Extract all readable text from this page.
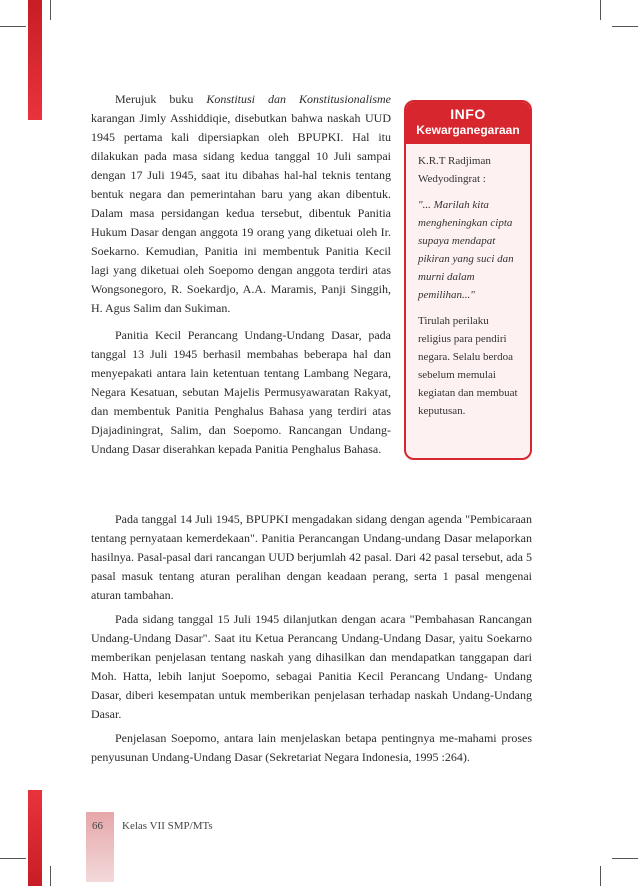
Merujuk buku Konstitusi dan Konstitusionalisme karangan Jimly Asshiddiqie, disebutkan bahwa naskah UUD 1945 pertama kali dipersiapkan oleh BPUPKI. Hal itu dilakukan pada masa sidang kedua tanggal 10 Juli sampai dengan 17 Juli 1945, saat itu dibahas hal-hal teknis tentang bentuk negara dan pemerintahan baru yang akan dibentuk. Dalam masa persidangan kedua tersebut, dibentuk Panitia Hukum Dasar dengan anggota 19 orang yang diketuai oleh Ir. Soekarno. Kemudian, Panitia ini membentuk Panitia Kecil lagi yang diketuai oleh Soepomo dengan anggota terdiri atas Wongsonegoro, R. Soekardjo, A.A. Maramis, Panji Singgih, H. Agus Salim dan Sukiman.

Panitia Kecil Perancang Undang-Undang Dasar, pada tanggal 13 Juli 1945 berhasil membahas beberapa hal dan menyepakati antara lain ketentuan tentang Lambang Negara, Negara Kesatuan, sebutan Majelis Permusyawaratan Rakyat, dan membentuk Panitia Penghalus Bahasa yang terdiri atas Djajadiningrat, Salim, dan Soepomo. Rancangan Undang-Undang Dasar diserahkan kepada Panitia Penghalus Bahasa.

INFO
Kewarganegaraan

K.R.T Radjiman Wedyodingrat :

"... Marilah kita mengheningkan cipta supaya mendapat pikiran yang suci dan murni dalam pemilihan..."

Tirulah perilaku religius para pendiri negara. Selalu berdoa sebelum memulai kegiatan dan membuat keputusan.

Pada tanggal 14 Juli 1945, BPUPKI mengadakan sidang dengan agenda "Pembicaraan tentang pernyataan kemerdekaan". Panitia Perancangan Undang-undang Dasar melaporkan hasilnya. Pasal-pasal dari rancangan UUD berjumlah 42 pasal. Dari 42 pasal tersebut, ada 5 pasal masuk tentang aturan peralihan dengan keadaan perang, serta 1 pasal mengenai aturan tambahan.

Pada sidang tanggal 15 Juli 1945 dilanjutkan dengan acara "Pembahasan Rancangan Undang-Undang Dasar". Saat itu Ketua Perancang Undang-Undang Dasar, yaitu Soekarno memberikan penjelasan tentang naskah yang dihasilkan dan mendapatkan tanggapan dari Moh. Hatta, lebih lanjut Soepomo, sebagai Panitia Kecil Perancang Undang- Undang Dasar, diberi kesempatan untuk memberikan penjelasan terhadap naskah Undang-Undang Dasar.

Penjelasan Soepomo, antara lain menjelaskan betapa pentingnya me-mahami proses penyusunan Undang-Undang Dasar (Sekretariat Negara Indonesia, 1995 :264).

66 Kelas VII SMP/MTs
